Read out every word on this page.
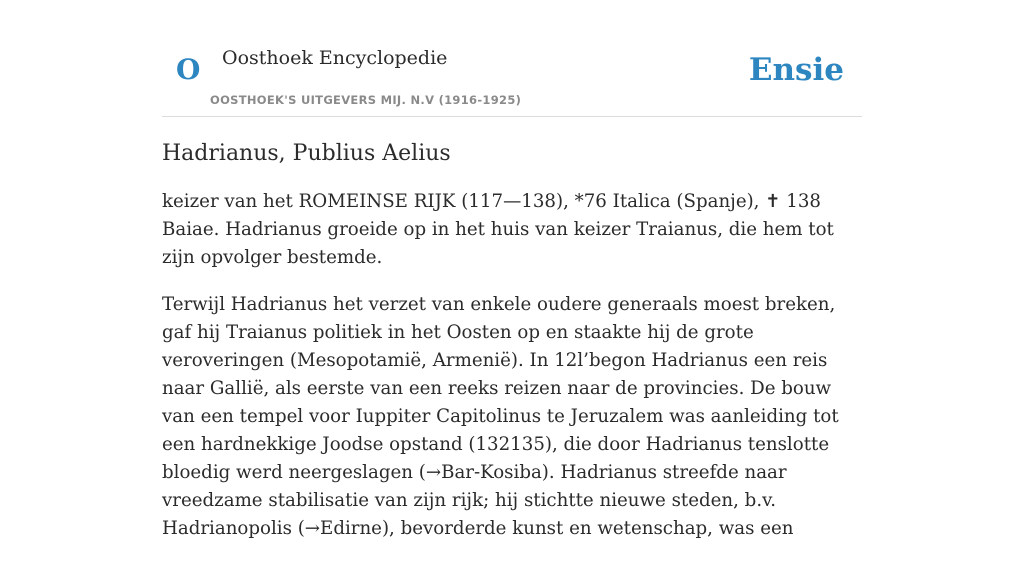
O Oosthoek Encyclopedie
OOSTHOEK'S UITGEVERS MIJ. N.V (1916-1925)
Ensie
Hadrianus, Publius Aelius

keizer van het ROMEINSE RIJK (117—138), *76 Italica (Spanje), ✝ 138 Baiae. Hadrianus groeide op in het huis van keizer Traianus, die hem tot zijn opvolger bestemde.

Terwijl Hadrianus het verzet van enkele oudere generaals moest breken, gaf hij Traianus politiek in het Oosten op en staakte hij de grote veroveringen (Mesopotamië, Armenië). In 12l’begon Hadrianus een reis naar Gallië, als eerste van een reeks reizen naar de provincies. De bouw van een tempel voor Iuppiter Capitolinus te Jeruzalem was aanleiding tot een hardnekkige Joodse opstand (132135), die door Hadrianus tenslotte bloedig werd neergeslagen (→Bar-Kosiba). Hadrianus streefde naar vreedzame stabilisatie van zijn rijk; hij stichtte nieuwe steden, b.v. Hadrianopolis (→Edirne), bevorderde kunst en wetenschap, was een
